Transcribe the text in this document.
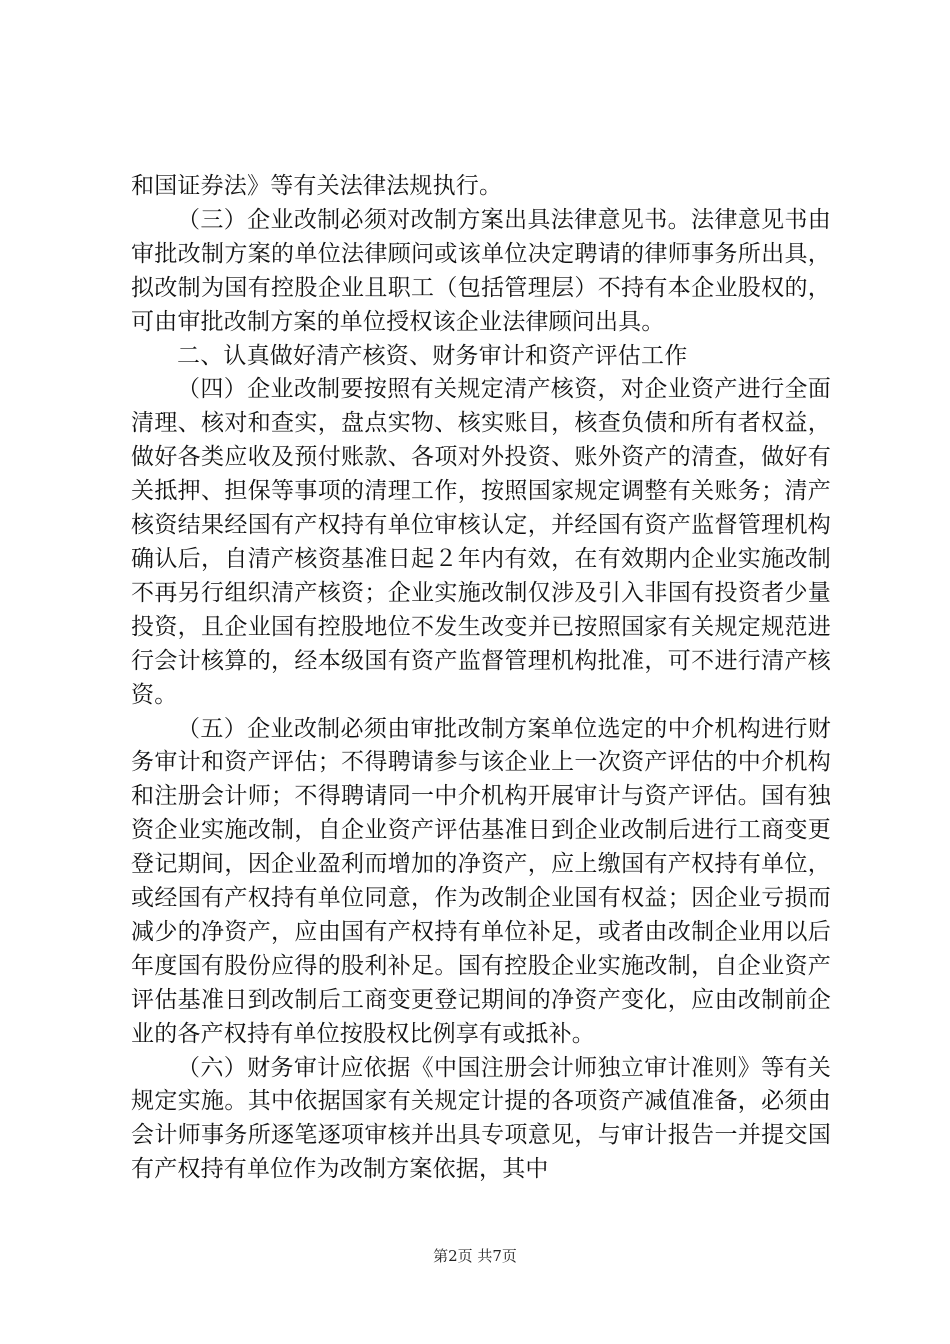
和国证券法》等有关法律法规执行。

（三）企业改制必须对改制方案出具法律意见书。法律意见书由审批改制方案的单位法律顾问或该单位决定聘请的律师事务所出具，拟改制为国有控股企业且职工（包括管理层）不持有本企业股权的，可由审批改制方案的单位授权该企业法律顾问出具。

二、认真做好清产核资、财务审计和资产评估工作

（四）企业改制要按照有关规定清产核资，对企业资产进行全面清理、核对和查实，盘点实物、核实账目，核查负债和所有者权益，做好各类应收及预付账款、各项对外投资、账外资产的清查，做好有关抵押、担保等事项的清理工作，按照国家规定调整有关账务；清产核资结果经国有产权持有单位审核认定，并经国有资产监督管理机构确认后，自清产核资基准日起２年内有效，在有效期内企业实施改制不再另行组织清产核资；企业实施改制仅涉及引入非国有投资者少量投资，且企业国有控股地位不发生改变并已按照国家有关规定规范进行会计核算的，经本级国有资产监督管理机构批准，可不进行清产核资。

（五）企业改制必须由审批改制方案单位选定的中介机构进行财务审计和资产评估；不得聘请参与该企业上一次资产评估的中介机构和注册会计师；不得聘请同一中介机构开展审计与资产评估。国有独资企业实施改制，自企业资产评估基准日到企业改制后进行工商变更登记期间，因企业盈利而增加的净资产，应上缴国有产权持有单位，或经国有产权持有单位同意，作为改制企业国有权益；因企业亏损而减少的净资产，应由国有产权持有单位补足，或者由改制企业用以后年度国有股份应得的股利补足。国有控股企业实施改制，自企业资产评估基准日到改制后工商变更登记期间的净资产变化，应由改制前企业的各产权持有单位按股权比例享有或抵补。

（六）财务审计应依据《中国注册会计师独立审计准则》等有关规定实施。其中依据国家有关规定计提的各项资产减值准备，必须由会计师事务所逐笔逐项审核并出具专项意见，与审计报告一并提交国有产权持有单位作为改制方案依据，其中

第2页 共7页
